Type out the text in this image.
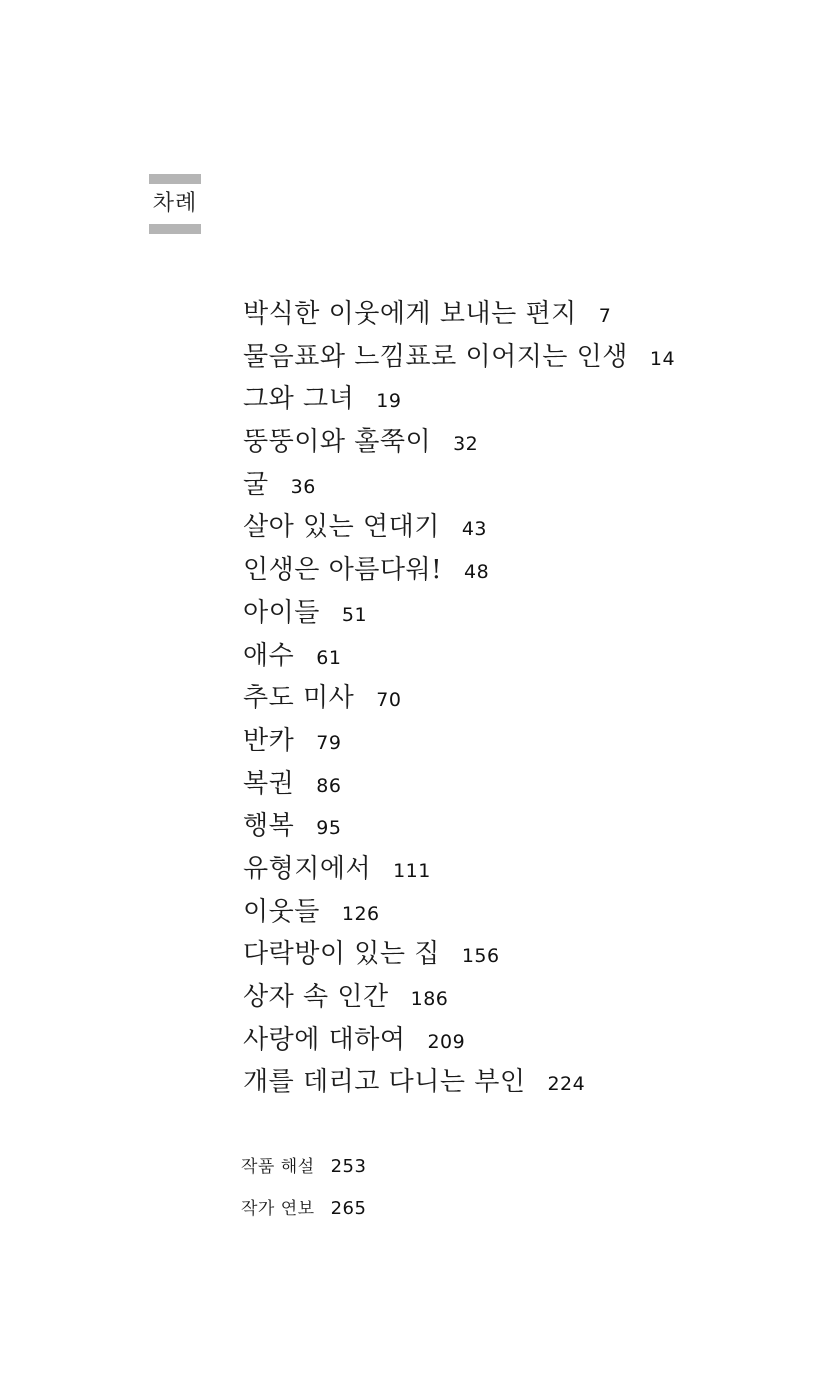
차례
박식한 이웃에게 보내는 편지 7
물음표와 느낌표로 이어지는 인생 14
그와 그녀 19
뚱뚱이와 홀쭉이 32
굴 36
살아 있는 연대기 43
인생은 아름다워! 48
아이들 51
애수 61
추도 미사 70
반카 79
복권 86
행복 95
유형지에서 111
이웃들 126
다락방이 있는 집 156
상자 속 인간 186
사랑에 대하여 209
개를 데리고 다니는 부인 224
작품 해설 253
작가 연보 265
